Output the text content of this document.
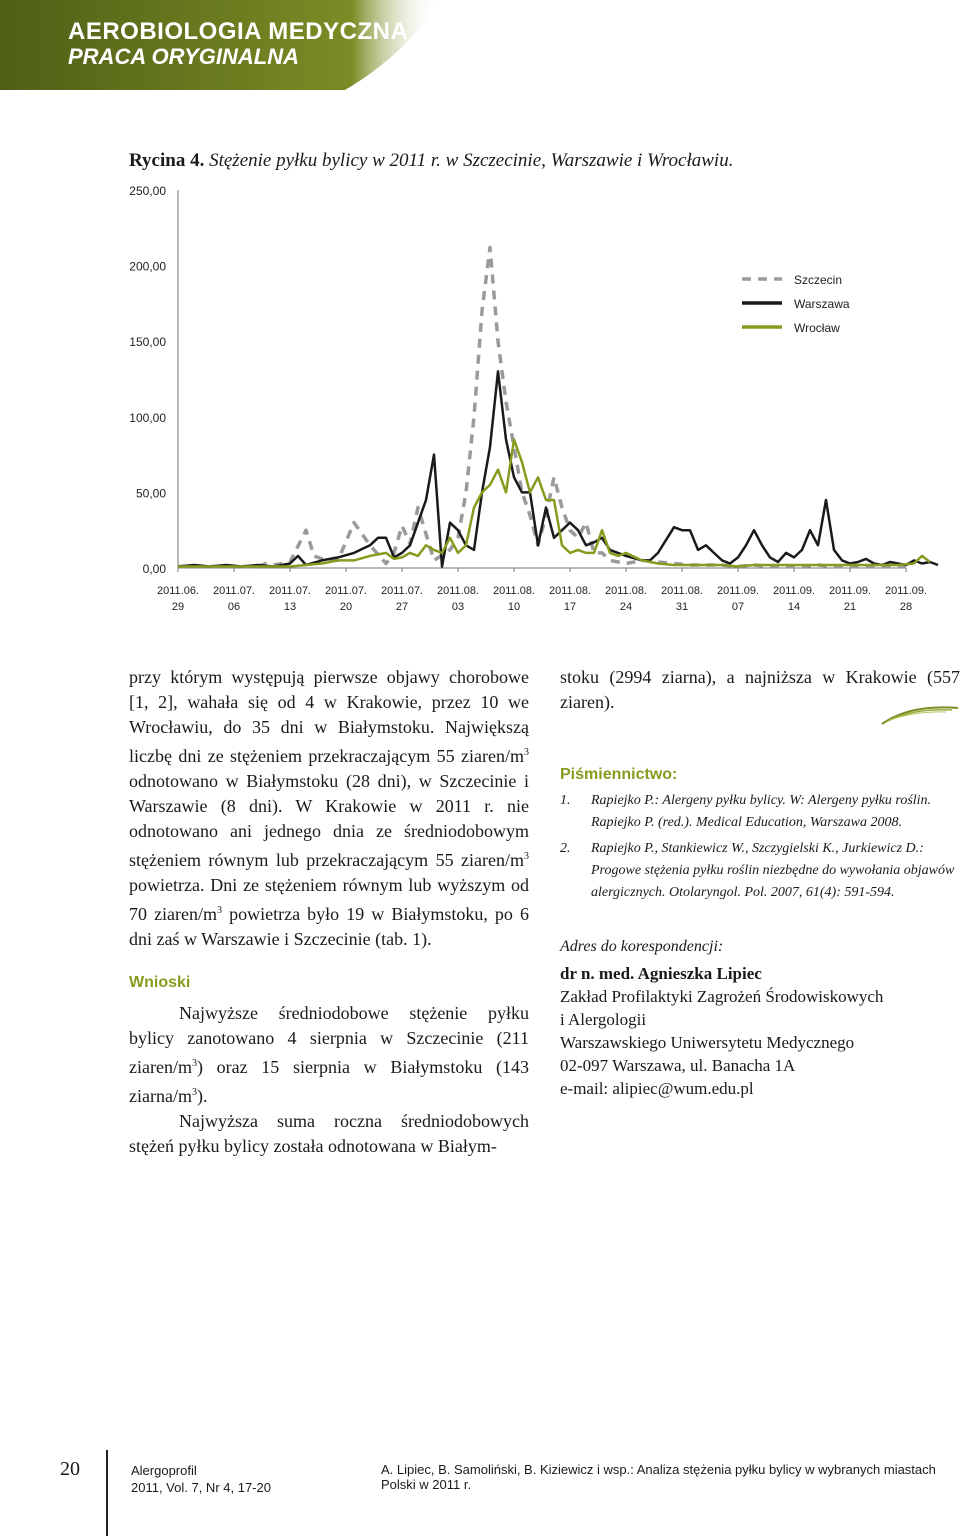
AEROBIOLOGIA MEDYCZNA
PRACA ORYGINALNA
Rycina 4. Stężenie pyłku bylicy w 2011 r. w Szczecinie, Warszawie i Wrocławiu.
0,00
50,00
100,00
150,00
200,00
250,00
2011.06.
29
2011.07.
06
2011.07.
13
2011.07.
20
2011.07.
27
2011.08.
03
2011.08.
10
2011.08.
17
2011.08.
24
2011.08.
31
2011.09.
07
2011.09.
14
2011.09.
21
2011.09.
28
Szczecin
Warszawa
Wrocław

przy którym występują pierwsze objawy chorobowe [1, 2], wahała się od 4 w Krakowie, przez 10 we Wrocławiu, do 35 dni w Białymstoku. Największą liczbę dni ze stężeniem przekraczającym 55 ziaren/$m^3$ odnotowano w Białymstoku (28 dni), w Szczecinie i Warszawie (8 dni). W Krakowie w 2011 r. nie odnotowano ani jednego dnia ze średniodobowym stężeniem równym lub przekraczającym 55 ziaren/$m^3$ powietrza. Dni ze stężeniem równym lub wyższym od 70 ziaren/$m^3$ powietrza było 19 w Białymstoku, po 6 dni zaś w Warszawie i Szczecinie (tab. 1).

Wnioski

Najwyższe średniodobowe stężenie pyłku bylicy zanotowano 4 sierpnia w Szczecinie (211 ziaren/$m^3$) oraz 15 sierpnia w Białymstoku (143 ziarna/$m^3$).

Najwyższa suma roczna średniodobowych stężeń pyłku bylicy została odnotowana w Białym-

stoku (2994 ziarna), a najniższa w Krakowie (557 ziaren).

Piśmiennictwo:
1. Rapiejko P.: Alergeny pyłku bylicy. W: Alergeny pyłku roślin. Rapiejko P. (red.). Medical Education, Warszawa 2008.
2. Rapiejko P., Stankiewicz W., Szczygielski K., Jurkiewicz D.: Progowe stężenia pyłku roślin niezbędne do wywołania objawów alergicznych. Otolaryngol. Pol. 2007, 61(4): 591-594.
Adres do korespondencji:
dr n. med. Agnieszka Lipiec
Zakład Profilaktyki Zagrożeń Środowiskowych
i Alergologii
Warszawskiego Uniwersytetu Medycznego
02-097 Warszawa, ul. Banacha 1A
e-mail: alipiec@wum.edu.pl
20	Alergoprofil
2011, Vol. 7, Nr 4, 17-20
A. Lipiec, B. Samoliński, B. Kiziewicz i wsp.: Analiza stężenia pyłku bylicy w wybranych miastach Polski w 2011 r.
